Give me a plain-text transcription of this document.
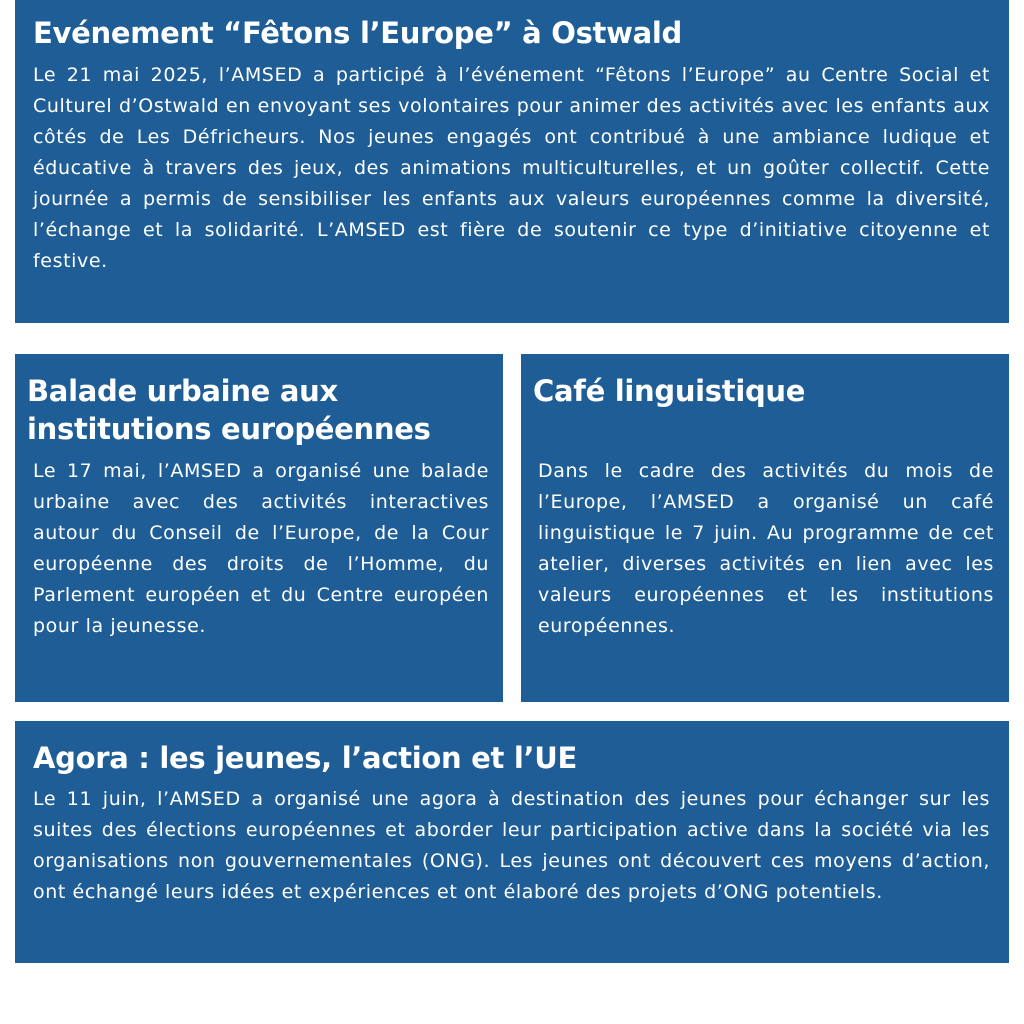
Evénement “Fêtons l’Europe” à Ostwald

Le 21 mai 2025, l’AMSED a participé à l’événement “Fêtons l’Europe” au Centre Social et Culturel d’Ostwald en envoyant ses volontaires pour animer des activités avec les enfants aux côtés de Les Défricheurs. Nos jeunes engagés ont contribué à une ambiance ludique et éducative à travers des jeux, des animations multiculturelles, et un goûter collectif. Cette journée a permis de sensibiliser les enfants aux valeurs européennes comme la diversité, l’échange et la solidarité. L’AMSED est fière de soutenir ce type d’initiative citoyenne et festive.

Balade urbaine aux institutions européennes

Le 17 mai, l’AMSED a organisé une balade urbaine avec des activités interactives autour du Conseil de l’Europe, de la Cour européenne des droits de l’Homme, du Parlement européen et du Centre européen pour la jeunesse.

Café linguistique

Dans le cadre des activités du mois de l’Europe, l’AMSED a organisé un café linguistique le 7 juin. Au programme de cet atelier, diverses activités en lien avec les valeurs européennes et les institutions européennes.

Agora : les jeunes, l’action et l’UE

Le 11 juin, l’AMSED a organisé une agora à destination des jeunes pour échanger sur les suites des élections européennes et aborder leur participation active dans la société via les organisations non gouvernementales (ONG). Les jeunes ont découvert ces moyens d’action, ont échangé leurs idées et expériences et ont élaboré des projets d’ONG potentiels.
